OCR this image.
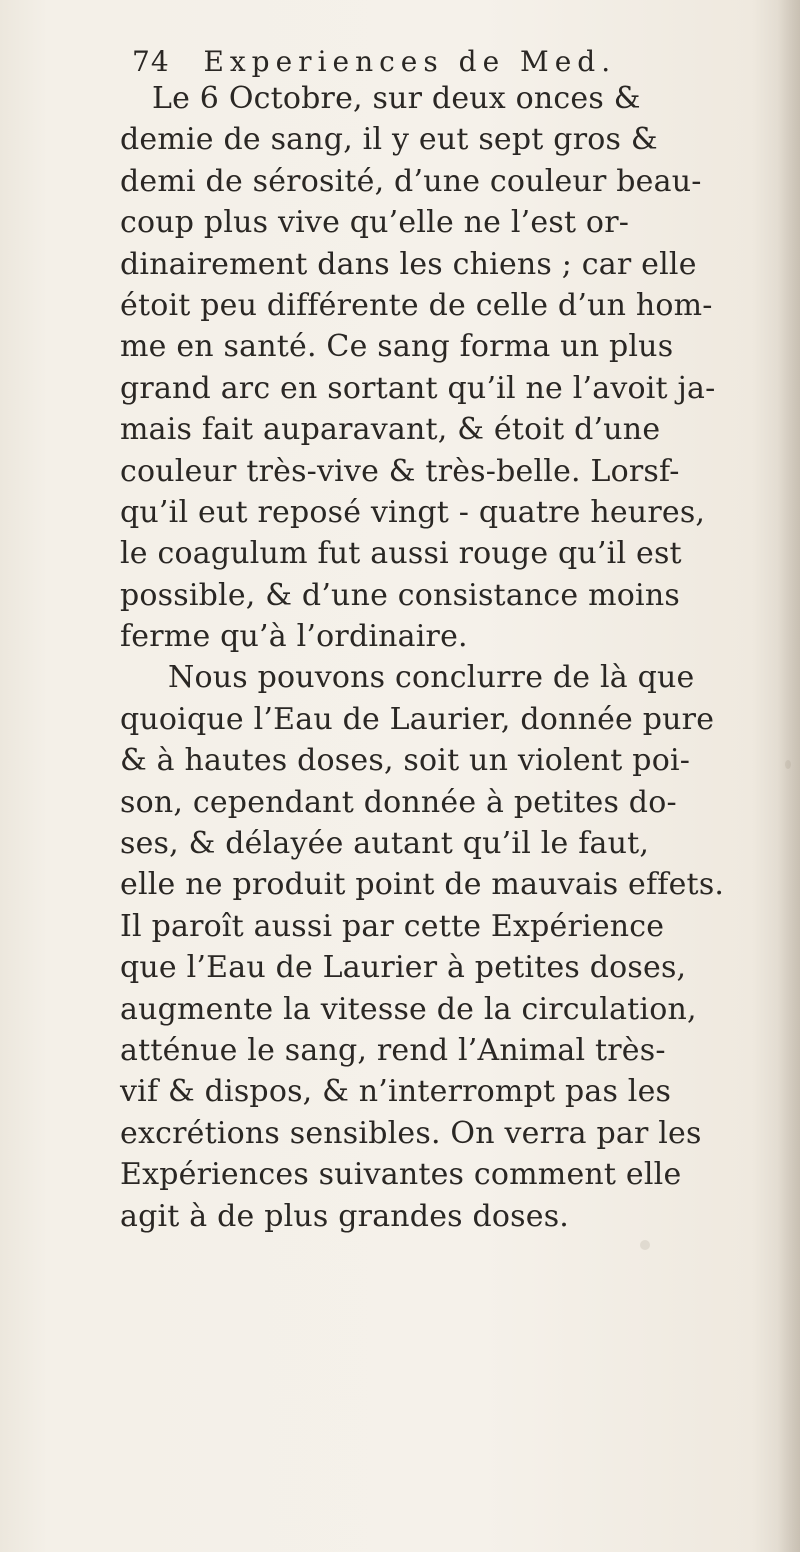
74 Experiences de Med.
Le 6 Octobre, sur deux onces &
demie de sang, il y eut sept gros &
demi de sérosité, d’une couleur beau-
coup plus vive qu’elle ne l’est or-
dinairement dans les chiens ; car elle
étoit peu différente de celle d’un hom-
me en santé. Ce sang forma un plus
grand arc en sortant qu’il ne l’avoit ja-
mais fait auparavant, & étoit d’une
couleur très-vive & très-belle. Lorsf-
qu’il eut reposé vingt - quatre heures,
le coagulum fut aussi rouge qu’il est
possible, & d’une consistance moins
ferme qu’à l’ordinaire.
Nous pouvons conclurre de là que
quoique l’Eau de Laurier, donnée pure
& à hautes doses, soit un violent poi-
son, cependant donnée à petites do-
ses, & délayée autant qu’il le faut,
elle ne produit point de mauvais effets.
Il paroît aussi par cette Expérience
que l’Eau de Laurier à petites doses,
augmente la vitesse de la circulation,
atténue le sang, rend l’Animal très-
vif & dispos, & n’interrompt pas les
excrétions sensibles. On verra par les
Expériences suivantes comment elle
agit à de plus grandes doses.
